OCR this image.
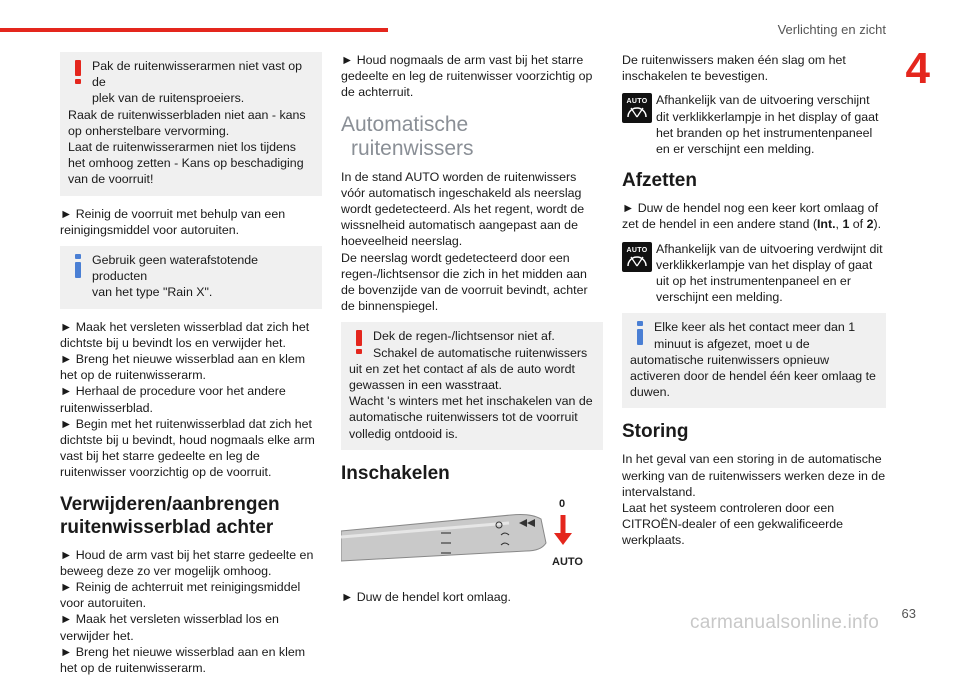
Verlichting en zicht
4
Pak de ruitenwisserarmen niet vast op de
plek van de ruitensproeiers.
Raak de ruitenwisserbladen niet aan - kans op onherstelbare vervorming.
Laat de ruitenwisserarmen niet los tijdens het omhoog zetten - Kans op beschadiging van de voorruit!

► Reinig de voorruit met behulp van een reinigingsmiddel voor autoruiten.

Gebruik geen waterafstotende producten
van het type "Rain X".

► Maak het versleten wisserblad dat zich het dichtste bij u bevindt los en verwijder het.
► Breng het nieuwe wisserblad aan en klem het op de ruitenwisserarm.
► Herhaal de procedure voor het andere ruitenwisserblad.
► Begin met het ruitenwisserblad dat zich het dichtste bij u bevindt, houd nogmaals elke arm vast bij het starre gedeelte en leg de ruitenwisser voorzichtig op de voorruit.

Verwijderen/aanbrengen ruitenwisserblad achter

► Houd de arm vast bij het starre gedeelte en beweeg deze zo ver mogelijk omhoog.
► Reinig de achterruit met reinigingsmiddel voor autoruiten.
► Maak het versleten wisserblad los en verwijder het.
► Breng het nieuwe wisserblad aan en klem het op de ruitenwisserarm.

► Houd nogmaals de arm vast bij het starre gedeelte en leg de ruitenwisser voorzichtig op de achterruit.

Automatische
ruitenwissers

In de stand AUTO worden de ruitenwissers vóór automatisch ingeschakeld als neerslag wordt gedetecteerd. Als het regent, wordt de wissnelheid automatisch aangepast aan de hoeveelheid neerslag.
De neerslag wordt gedetecteerd door een regen-/lichtsensor die zich in het midden aan de bovenzijde van de voorruit bevindt, achter de binnenspiegel.

Dek de regen-/lichtsensor niet af.
Schakel de automatische ruitenwissers
uit en zet het contact af als de auto wordt gewassen in een wasstraat.
Wacht 's winters met het inschakelen van de automatische ruitenwissers tot de voorruit volledig ontdooid is.
Inschakelen
0
AUTO

► Duw de hendel kort omlaag.

De ruitenwissers maken één slag om het inschakelen te bevestigen.

AUTO Afhankelijk van de uitvoering verschijnt dit verklikkerlampje in het display of gaat het branden op het instrumentenpaneel en er verschijnt een melding.

Afzetten

► Duw de hendel nog een keer kort omlaag of zet de hendel in een andere stand (Int., 1 of 2).

AUTO Afhankelijk van de uitvoering verdwijnt dit verklikkerlampje van het display of gaat uit op het instrumentenpaneel en er verschijnt een melding.

Elke keer als het contact meer dan 1
minuut is afgezet, moet u de
automatische ruitenwissers opnieuw activeren door de hendel één keer omlaag te duwen.
Storing

In het geval van een storing in de automatische werking van de ruitenwissers werken deze in de intervalstand.
Laat het systeem controleren door een CITROËN-dealer of een gekwalificeerde werkplaats.

carmanualsonline.info 63
